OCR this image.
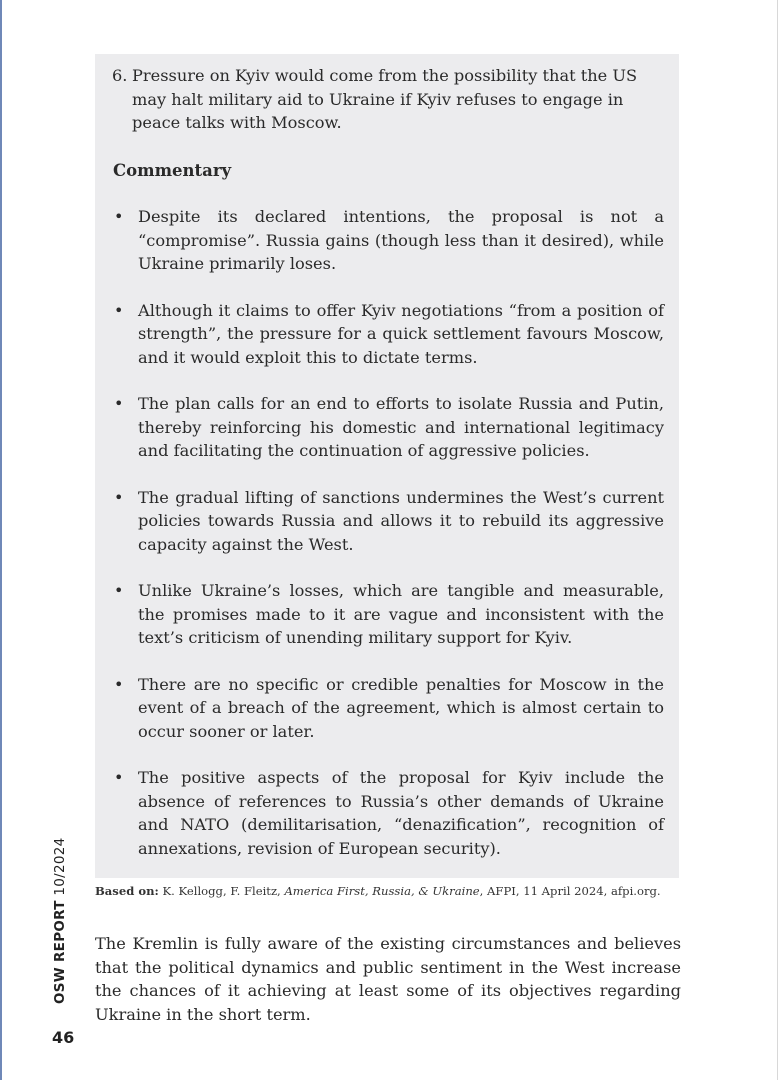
6. Pressure on Kyiv would come from the possibility that the US may halt military aid to Ukraine if Kyiv refuses to engage in peace talks with Moscow.
Commentary
• Despite its declared intentions, the proposal is not a “compromise”. Russia gains (though less than it desired), while Ukraine primarily loses.
• Although it claims to offer Kyiv negotiations “from a position of strength”, the pressure for a quick settlement favours Moscow, and it would exploit this to dictate terms.
• The plan calls for an end to efforts to isolate Russia and Putin, thereby reinforcing his domestic and international legitimacy and facilitating the continuation of aggressive policies.
• The gradual lifting of sanctions undermines the West’s current policies towards Russia and allows it to rebuild its aggressive capacity against the West.
• Unlike Ukraine’s losses, which are tangible and measurable, the promises made to it are vague and inconsistent with the text’s criticism of unending military support for Kyiv.
• There are no specific or credible penalties for Moscow in the event of a breach of the agreement, which is almost certain to occur sooner or later.
• The positive aspects of the proposal for Kyiv include the absence of references to Russia’s other demands of Ukraine and NATO (demilitarisation, “denazification”, recognition of annexations, revision of European security).
Based on: K. Kellogg, F. Fleitz, America First, Russia, & Ukraine, AFPI, 11 April 2024, afpi.org.
The Kremlin is fully aware of the existing circumstances and believes that the political dynamics and public sentiment in the West increase the chances of it achieving at least some of its objectives regarding Ukraine in the short term.
OSW REPORT 10/2024
46
